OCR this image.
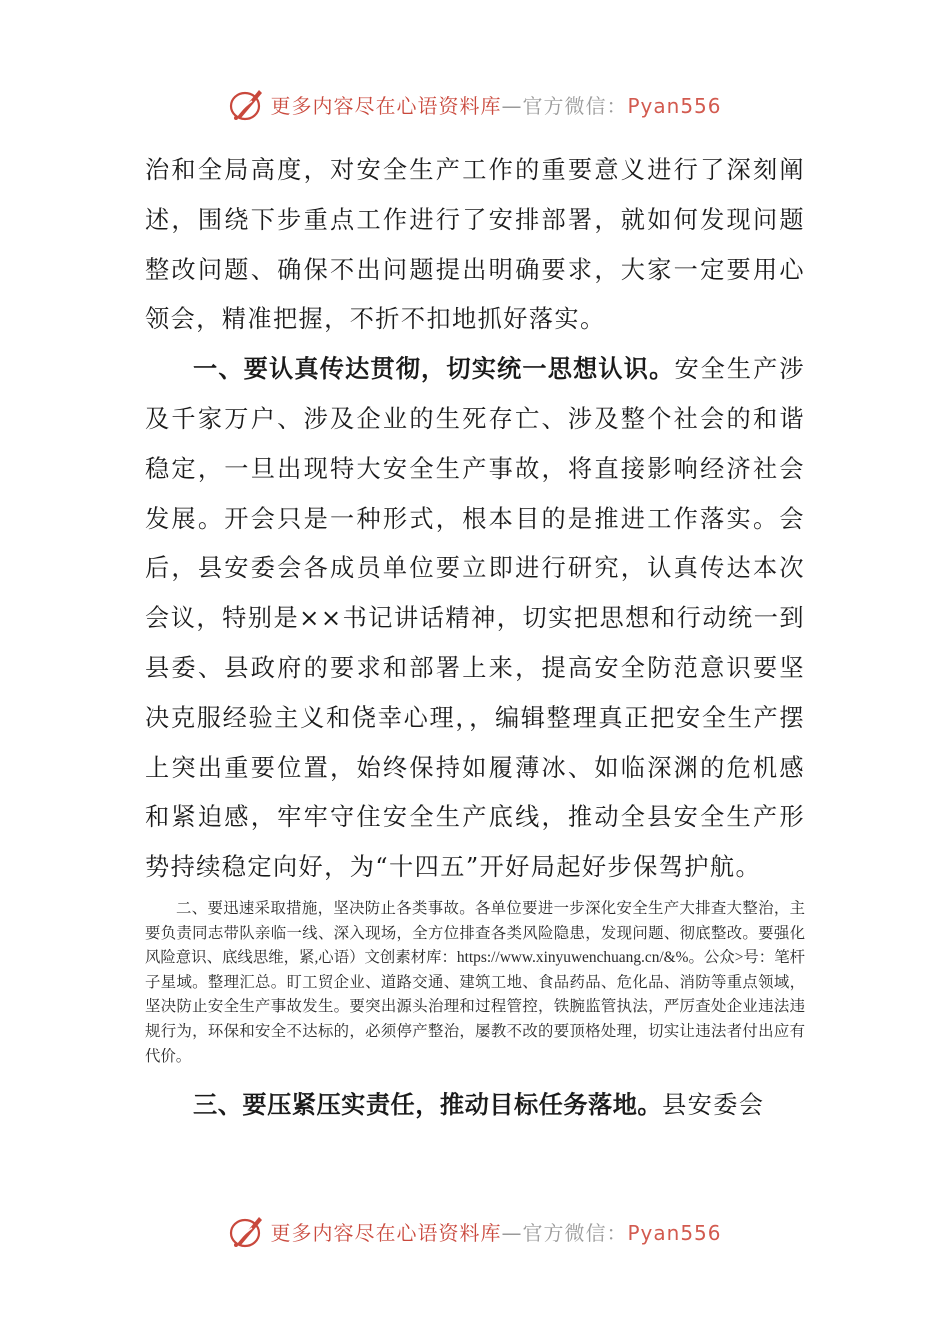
更多内容尽在心语资料库—官方微信：Pyan556

治和全局高度，对安全生产工作的重要意义进行了深刻阐述，围绕下步重点工作进行了安排部署，就如何发现问题整改问题、确保不出问题提出明确要求，大家一定要用心领会，精准把握，不折不扣地抓好落实。

一、要认真传达贯彻，切实统一思想认识。安全生产涉及千家万户、涉及企业的生死存亡、涉及整个社会的和谐稳定，一旦出现特大安全生产事故，将直接影响经济社会发展。开会只是一种形式，根本目的是推进工作落实。会后，县安委会各成员单位要立即进行研究，认真传达本次会议，特别是××书记讲话精神，切实把思想和行动统一到县委、县政府的要求和部署上来，提高安全防范意识要坚决克服经验主义和侥幸心理，，编辑整理真正把安全生产摆上突出重要位置，始终保持如履薄冰、如临深渊的危机感和紧迫感，牢牢守住安全生产底线，推动全县安全生产形势持续稳定向好，为“十四五”开好局起好步保驾护航。

二、要迅速采取措施，坚决防止各类事故。各单位要进一步深化安全生产大排查大整治，主要负责同志带队亲临一线、深入现场，全方位排查各类风险隐患，发现问题、彻底整改。要强化风险意识、底线思维，紧,心语）文创素材库：https://www.xinyuwenchuang.cn/&%。公众>号：笔杆子星域。整理汇总。盯工贸企业、道路交通、建筑工地、食品药品、危化品、消防等重点领域，坚决防止安全生产事故发生。要突出源头治理和过程管控，铁腕监管执法，严厉查处企业违法违规行为，环保和安全不达标的，必须停产整治，屡教不改的要顶格处理，切实让违法者付出应有代价。

三、要压紧压实责任，推动目标任务落地。县安委会

更多内容尽在心语资料库—官方微信：Pyan556
